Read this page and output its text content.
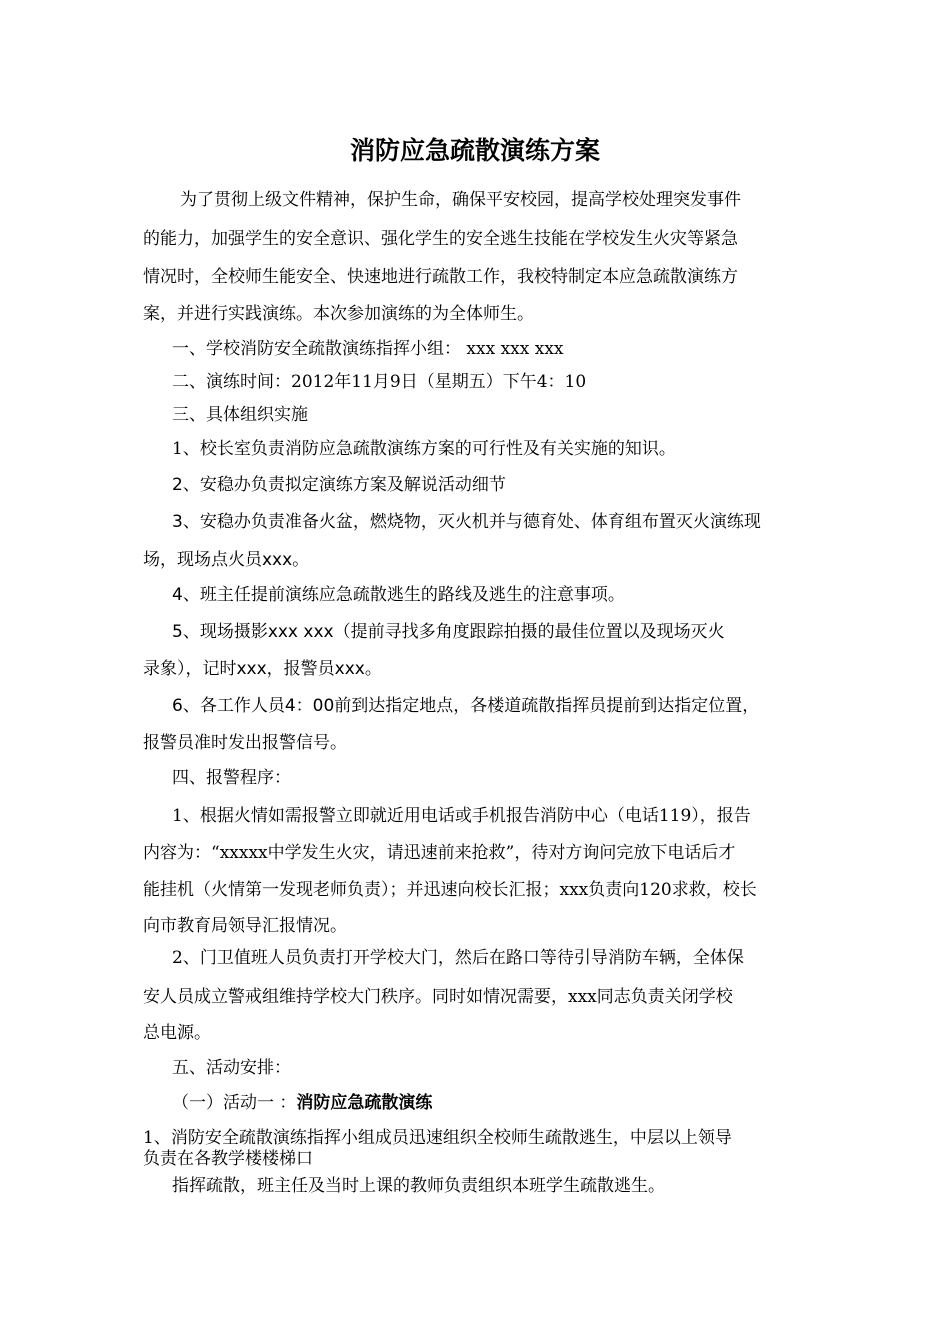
消防应急疏散演练方案
为了贯彻上级文件精神，保护生命，确保平安校园，提高学校处理突发事件
的能力，加强学生的安全意识、强化学生的安全逃生技能在学校发生火灾等紧急
情况时，全校师生能安全、快速地进行疏散工作，我校特制定本应急疏散演练方
案，并进行实践演练。本次参加演练的为全体师生。
一、学校消防安全疏散演练指挥小组： xxx xxx xxx
二、演练时间：2012年11月9日（星期五）下午4：10
三、具体组织实施
1、校长室负责消防应急疏散演练方案的可行性及有关实施的知识。
2、安稳办负责拟定演练方案及解说活动细节
3、安稳办负责准备火盆，燃烧物，灭火机并与德育处、体育组布置灭火演练现
场，现场点火员xxx。
4、班主任提前演练应急疏散逃生的路线及逃生的注意事项。
5、现场摄影xxx xxx（提前寻找多角度跟踪拍摄的最佳位置以及现场灭火
录象），记时xxx，报警员xxx。
6、各工作人员4：00前到达指定地点，各楼道疏散指挥员提前到达指定位置，
报警员准时发出报警信号。
四、报警程序：
1、根据火情如需报警立即就近用电话或手机报告消防中心（电话119），报告
内容为：“xxxxx中学发生火灾，请迅速前来抢救”，待对方询问完放下电话后才
能挂机（火情第一发现老师负责）；并迅速向校长汇报；xxx负责向120求救，校长
向市教育局领导汇报情况。
2、门卫值班人员负责打开学校大门，然后在路口等待引导消防车辆，全体保
安人员成立警戒组维持学校大门秩序。同时如情况需要，xxx同志负责关闭学校
总电源。
五、活动安排：
（一）活动一 ：消防应急疏散演练
1、消防安全疏散演练指挥小组成员迅速组织全校师生疏散逃生，中层以上领导
负责在各教学楼楼梯口
指挥疏散，班主任及当时上课的教师负责组织本班学生疏散逃生。
